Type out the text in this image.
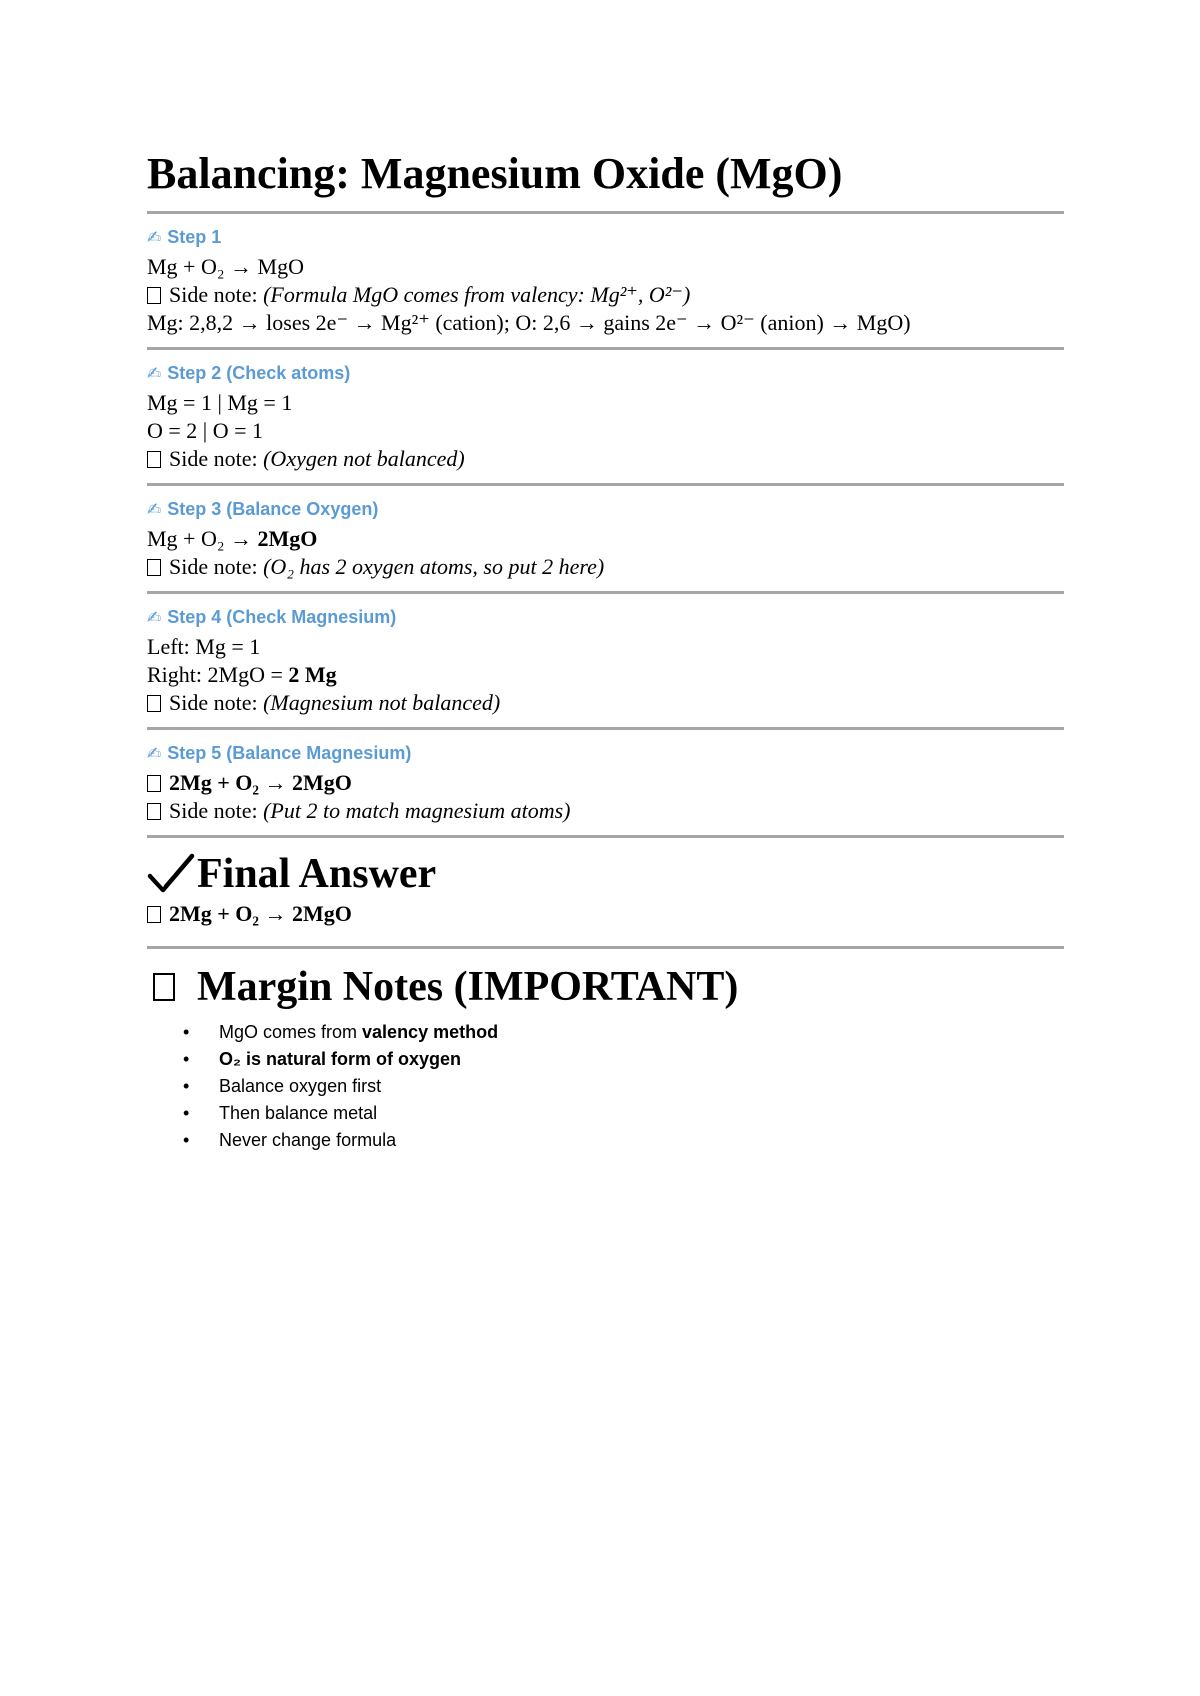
Balancing: Magnesium Oxide (MgO)
✍ Step 1
Mg + O₂ → MgO
Side note: (Formula MgO comes from valency: Mg²⁺, O²⁻)
Mg: 2,8,2 → loses 2e⁻ → Mg²⁺ (cation); O: 2,6 → gains 2e⁻ → O²⁻ (anion) → MgO)
✍ Step 2 (Check atoms)
Mg = 1 | Mg = 1
O = 2 | O = 1
Side note: (Oxygen not balanced)
✍ Step 3 (Balance Oxygen)
Mg + O₂ → 2MgO
Side note: (O₂ has 2 oxygen atoms, so put 2 here)
✍ Step 4 (Check Magnesium)
Left: Mg = 1
Right: 2MgO = 2 Mg
Side note: (Magnesium not balanced)
✍ Step 5 (Balance Magnesium)
2Mg + O₂ → 2MgO
Side note: (Put 2 to match magnesium atoms)
Final Answer
2Mg + O₂ → 2MgO
Margin Notes (IMPORTANT)
• MgO comes from valency method
• O₂ is natural form of oxygen
• Balance oxygen first
• Then balance metal
• Never change formula
